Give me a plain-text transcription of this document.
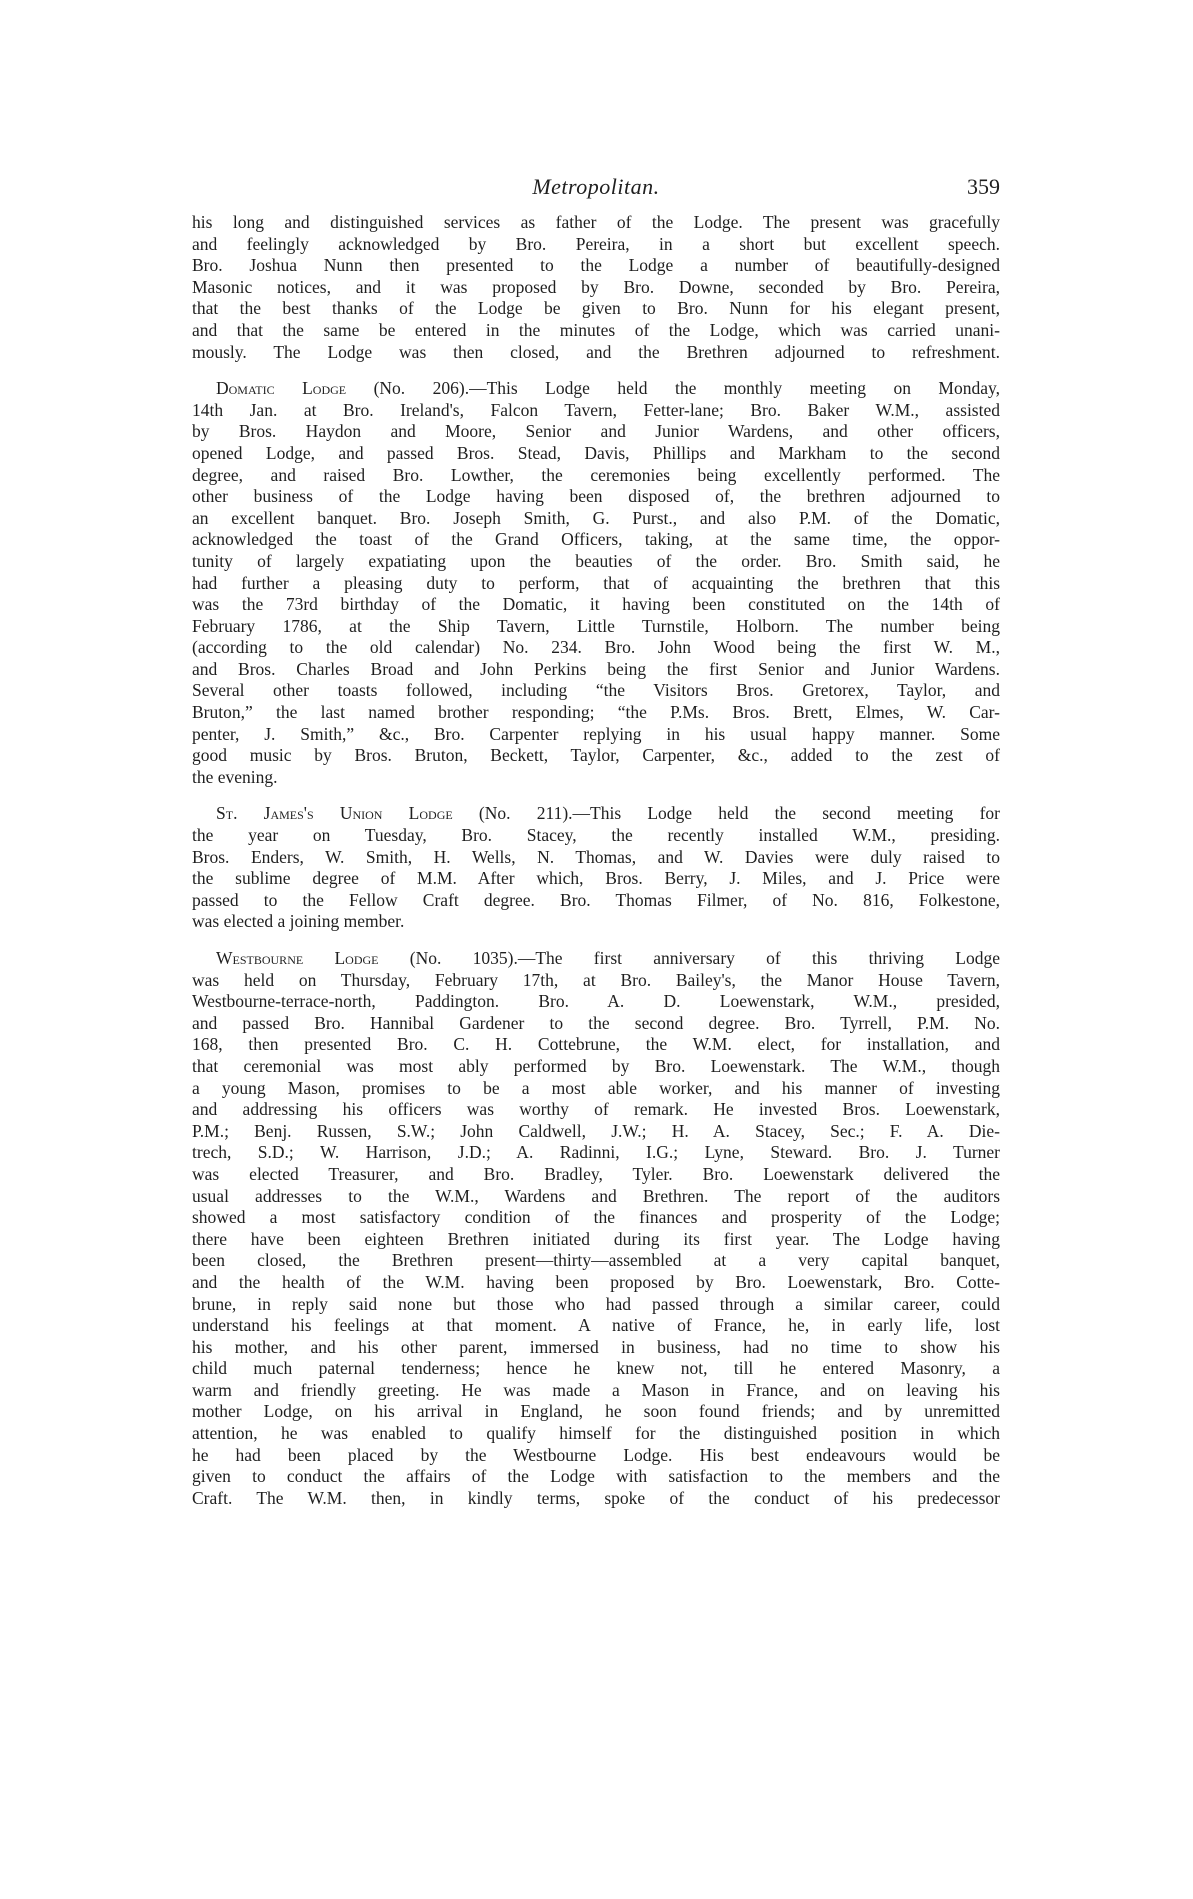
Metropolitan.	359

his long and distinguished services as father of the Lodge. The present was gracefully
and feelingly acknowledged by Bro. Pereira, in a short but excellent speech.
Bro. Joshua Nunn then presented to the Lodge a number of beautifully-designed
Masonic notices, and it was proposed by Bro. Downe, seconded by Bro. Pereira,
that the best thanks of the Lodge be given to Bro. Nunn for his elegant present,
and that the same be entered in the minutes of the Lodge, which was carried unani-
mously. The Lodge was then closed, and the Brethren adjourned to refreshment.

Domatic Lodge (No. 206).—This Lodge held the monthly meeting on Monday,
14th Jan. at Bro. Ireland's, Falcon Tavern, Fetter-lane; Bro. Baker W.M., assisted
by Bros. Haydon and Moore, Senior and Junior Wardens, and other officers,
opened Lodge, and passed Bros. Stead, Davis, Phillips and Markham to the second
degree, and raised Bro. Lowther, the ceremonies being excellently performed. The
other business of the Lodge having been disposed of, the brethren adjourned to
an excellent banquet. Bro. Joseph Smith, G. Purst., and also P.M. of the Domatic,
acknowledged the toast of the Grand Officers, taking, at the same time, the oppor-
tunity of largely expatiating upon the beauties of the order. Bro. Smith said, he
had further a pleasing duty to perform, that of acquainting the brethren that this
was the 73rd birthday of the Domatic, it having been constituted on the 14th of
February 1786, at the Ship Tavern, Little Turnstile, Holborn. The number being
(according to the old calendar) No. 234. Bro. John Wood being the first W. M.,
and Bros. Charles Broad and John Perkins being the first Senior and Junior Wardens.
Several other toasts followed, including “the Visitors Bros. Gretorex, Taylor, and
Bruton,” the last named brother responding; “the P.Ms. Bros. Brett, Elmes, W. Car-
penter, J. Smith,” &c., Bro. Carpenter replying in his usual happy manner. Some
good music by Bros. Bruton, Beckett, Taylor, Carpenter, &c., added to the zest of
the evening.

St. James's Union Lodge (No. 211).—This Lodge held the second meeting for
the year on Tuesday, Bro. Stacey, the recently installed W.M., presiding.
Bros. Enders, W. Smith, H. Wells, N. Thomas, and W. Davies were duly raised to
the sublime degree of M.M. After which, Bros. Berry, J. Miles, and J. Price were
passed to the Fellow Craft degree. Bro. Thomas Filmer, of No. 816, Folkestone,
was elected a joining member.

Westbourne Lodge (No. 1035).—The first anniversary of this thriving Lodge
was held on Thursday, February 17th, at Bro. Bailey's, the Manor House Tavern,
Westbourne-terrace-north, Paddington. Bro. A. D. Loewenstark, W.M., presided,
and passed Bro. Hannibal Gardener to the second degree. Bro. Tyrrell, P.M. No.
168, then presented Bro. C. H. Cottebrune, the W.M. elect, for installation, and
that ceremonial was most ably performed by Bro. Loewenstark. The W.M., though
a young Mason, promises to be a most able worker, and his manner of investing
and addressing his officers was worthy of remark. He invested Bros. Loewenstark,
P.M.; Benj. Russen, S.W.; John Caldwell, J.W.; H. A. Stacey, Sec.; F. A. Die-
trech, S.D.; W. Harrison, J.D.; A. Radinni, I.G.; Lyne, Steward. Bro. J. Turner
was elected Treasurer, and Bro. Bradley, Tyler. Bro. Loewenstark delivered the
usual addresses to the W.M., Wardens and Brethren. The report of the auditors
showed a most satisfactory condition of the finances and prosperity of the Lodge;
there have been eighteen Brethren initiated during its first year. The Lodge having
been closed, the Brethren present—thirty—assembled at a very capital banquet,
and the health of the W.M. having been proposed by Bro. Loewenstark, Bro. Cotte-
brune, in reply said none but those who had passed through a similar career, could
understand his feelings at that moment. A native of France, he, in early life, lost
his mother, and his other parent, immersed in business, had no time to show his
child much paternal tenderness; hence he knew not, till he entered Masonry, a
warm and friendly greeting. He was made a Mason in France, and on leaving his
mother Lodge, on his arrival in England, he soon found friends; and by unremitted
attention, he was enabled to qualify himself for the distinguished position in which
he had been placed by the Westbourne Lodge. His best endeavours would be
given to conduct the affairs of the Lodge with satisfaction to the members and the
Craft. The W.M. then, in kindly terms, spoke of the conduct of his predecessor
